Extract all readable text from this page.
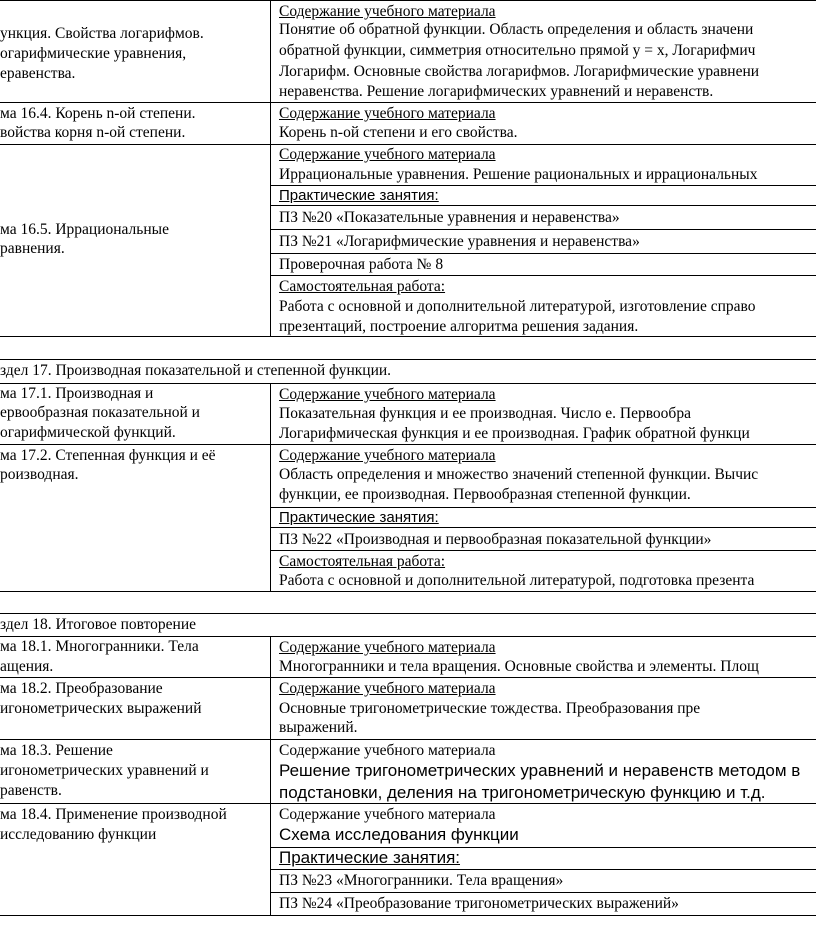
ункция. Свойства логарифмов.
огарифмические уравнения,
еравенства.
Содержание учебного материала
Понятие об обратной функции. Область определения и область значени
обратной функции, симметрия относительно прямой y = x, Логарифмич
Логарифм. Основные свойства логарифмов. Логарифмические уравнени
неравенства. Решение логарифмических уравнений и неравенств.
ма 16.4. Корень n-ой степени.
войства корня n-ой степени.
Содержание учебного материала
Корень n-ой степени и его свойства.
ма 16.5. Иррациональные
равнения.
Содержание учебного материала
Иррациональные уравнения. Решение рациональных и иррациональных
Практические занятия:
ПЗ №20 «Показательные уравнения и неравенства»
ПЗ №21 «Логарифмические уравнения и неравенства»
Проверочная работа № 8
Самостоятельная работа:
Работа с основной и дополнительной литературой, изготовление справо
презентаций, построение алгоритма решения задания.
здел 17. Производная показательной и степенной функции.
ма 17.1. Производная и
ервообразная показательной и
огарифмической функций.
Содержание учебного материала
Показательная функция и ее производная. Число е. Первообра
Логарифмическая функция и ее производная. График обратной функци
ма 17.2. Степенная функция и её
роизводная.
Содержание учебного материала
Область определения и множество значений степенной функции. Вычис
функции, ее производная. Первообразная степенной функции.
Практические занятия:
ПЗ №22 «Производная и первообразная показательной функции»
Самостоятельная работа:
Работа с основной и дополнительной литературой, подготовка презента
здел 18. Итоговое повторение
ма 18.1. Многогранники. Тела
ащения.
Содержание учебного материала
Многогранники и тела вращения. Основные свойства и элементы. Площ
ма 18.2. Преобразование
игонометрических выражений
Содержание учебного материала
Основные тригонометрические тождества. Преобразования пре
выражений.
ма 18.3. Решение
игонометрических уравнений и
равенств.
Содержание учебного материала
Решение тригонометрических уравнений и неравенств методом в
подстановки, деления на тригонометрическую функцию и т.д.
ма 18.4. Применение производной
исследованию функции
Содержание учебного материала
Схема исследования функции
Практические занятия:
ПЗ №23 «Многогранники. Тела вращения»
ПЗ №24 «Преобразование тригонометрических выражений»
